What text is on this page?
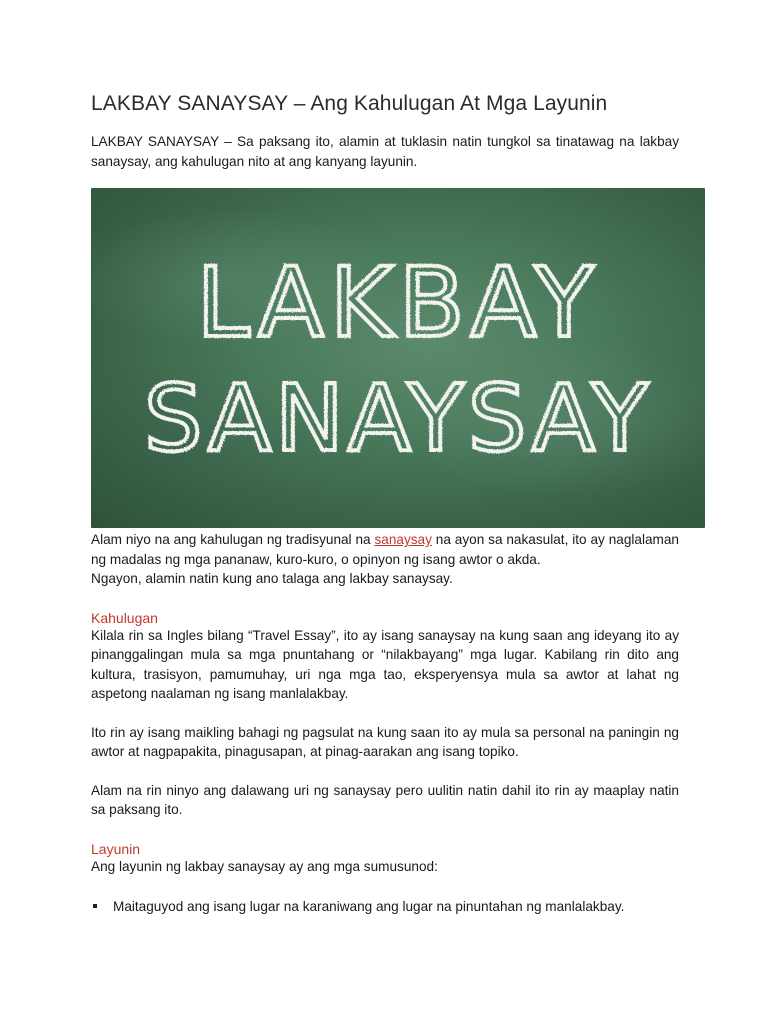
LAKBAY SANAYSAY – Ang Kahulugan At Mga Layunin

LAKBAY SANAYSAY – Sa paksang ito, alamin at tuklasin natin tungkol sa tinatawag na lakbay sanaysay, ang kahulugan nito at ang kanyang layunin.

LAKBAY
SANAYSAY

Alam niyo na ang kahulugan ng tradisyunal na sanaysay na ayon sa nakasulat, ito ay naglalaman ng madalas ng mga pananaw, kuro-kuro, o opinyon ng isang awtor o akda.

Ngayon, alamin natin kung ano talaga ang lakbay sanaysay.

Kahulugan

Kilala rin sa Ingles bilang “Travel Essay”, ito ay isang sanaysay na kung saan ang ideyang ito ay pinanggalingan mula sa mga pnuntahang or “nilakbayang” mga lugar. Kabilang rin dito ang kultura, trasisyon, pamumuhay, uri nga mga tao, eksperyensya mula sa awtor at lahat ng aspetong naalaman ng isang manlalakbay.

Ito rin ay isang maikling bahagi ng pagsulat na kung saan ito ay mula sa personal na paningin ng awtor at nagpapakita, pinagusapan, at pinag-aarakan ang isang topiko.

Alam na rin ninyo ang dalawang uri ng sanaysay pero uulitin natin dahil ito rin ay maaplay natin sa paksang ito.

Layunin

Ang layunin ng lakbay sanaysay ay ang mga sumusunod:

Maitaguyod ang isang lugar na karaniwang ang lugar na pinuntahan ng manlalakbay.
